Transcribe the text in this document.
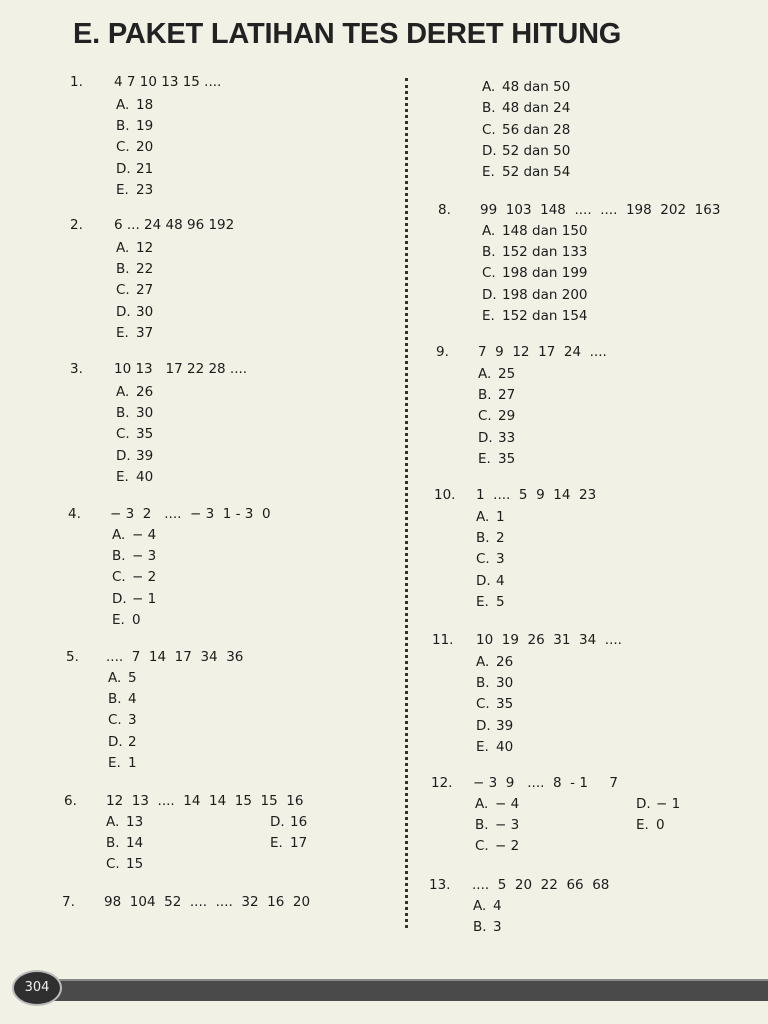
E. PAKET LATIHAN TES DERET HITUNG
1. 4 7 10 13 15 ....
A. 18
B. 19
C. 20
D. 21
E. 23
2. 6 ... 24 48 96 192
A. 12
B. 22
C. 27
D. 30
E. 37
3. 10 13   17 22 28 ....
A. 26
B. 30
C. 35
D. 39
E. 40
4. − 3  2   ....  − 3  1 - 3  0
A. − 4
B. − 3
C. − 2
D. − 1
E. 0
5. ....  7  14  17  34  36
A. 5
B. 4
C. 3
D. 2
E. 1
6. 12  13  ....  14  14  15  15  16
A. 13
B. 14
C. 15
D. 16
E. 17
7. 98  104  52  ....  ....  32  16  20
A. 48 dan 50
B. 48 dan 24
C. 56 dan 28
D. 52 dan 50
E. 52 dan 54
8. 99  103  148  ....  ....  198  202  163
A. 148 dan 150
B. 152 dan 133
C. 198 dan 199
D. 198 dan 200
E. 152 dan 154
9. 7  9  12  17  24  ....
A. 25
B. 27
C. 29
D. 33
E. 35
10. 1  ....  5  9  14  23
A. 1
B. 2
C. 3
D. 4
E. 5
11. 10  19  26  31  34  ....
A. 26
B. 30
C. 35
D. 39
E. 40
12. − 3  9   ....  8  - 1     7
A. − 4
B. − 3
C. − 2
D. − 1
E. 0
13. ....  5  20  22  66  68
A. 4
B. 3
304
